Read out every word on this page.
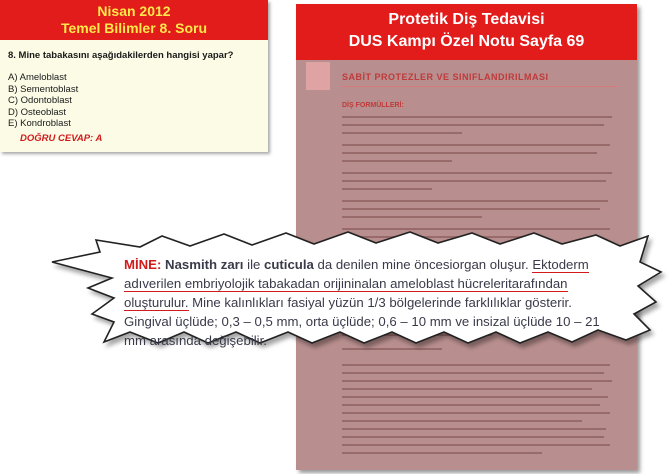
Nisan 2012
Temel Bilimler 8. Soru
8. Mine tabakasını aşağıdakilerden hangisi yapar?
A) Ameloblast
B) Sementoblast
C) Odontoblast
D) Osteoblast
E) Kondroblast
DOĞRU CEVAP: A
Protetik Diş Tedavisi
DUS Kampı Özel Notu Sayfa 69
SABİT PROTEZLER VE SINIFLANDIRILMASI
DİŞ FORMÜLLERİ:
MİNE: Nasmith zarı ile cuticula da denilen mine öncesiorgan oluşur. Ektoderm adıverilen embriyolojik tabakadan orijininalan ameloblast hücreleritarafından oluşturulur. Mine kalınlıkları fasiyal yüzün 1/3 bölgelerinde farklılıklar gösterir. Gingival üçlüde; 0,3 – 0,5 mm, orta üçlüde; 0,6 – 10 mm ve insizal üçlüde 10 – 21 mm arasında değişebilir.
